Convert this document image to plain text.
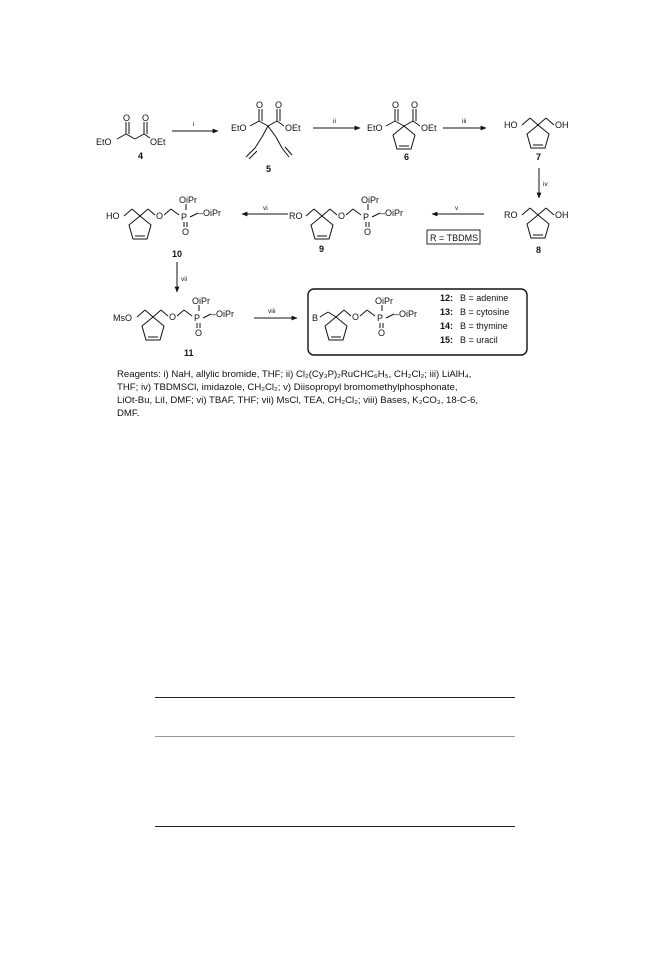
EtO	OEt
O O
4
EtO	OEt
O O
5
EtO	OEt
O O
6
HO	OH
7
RO	OH
8
RO	O P
OiPr
–OiPr
O
9
R = TBDMS
HO	O P
OiPr
–OiPr
O
10
MsO	O P
OiPr
–OiPr
O
11
B	O P
OiPr
–OiPr
O
12: B = adenine
13: B = cytosine
14: B = thymine
15: B = uracil
i	ii	iii
iv
v
vi
vii
viii
Reagents: i) NaH, allylic bromide, THF; ii) Cl₂(Cy₃P)₂RuCHC₆H₅, CH₂Cl₂; iii) LiAlH₄,
THF; iv) TBDMSCl, imidazole, CH₂Cl₂; v) Diisopropyl bromomethylphosphonate,
LiOt-Bu, LiI, DMF; vi) TBAF, THF; vii) MsCl, TEA, CH₂Cl₂; viii) Bases, K₂CO₃, 18-C-6,
DMF.
